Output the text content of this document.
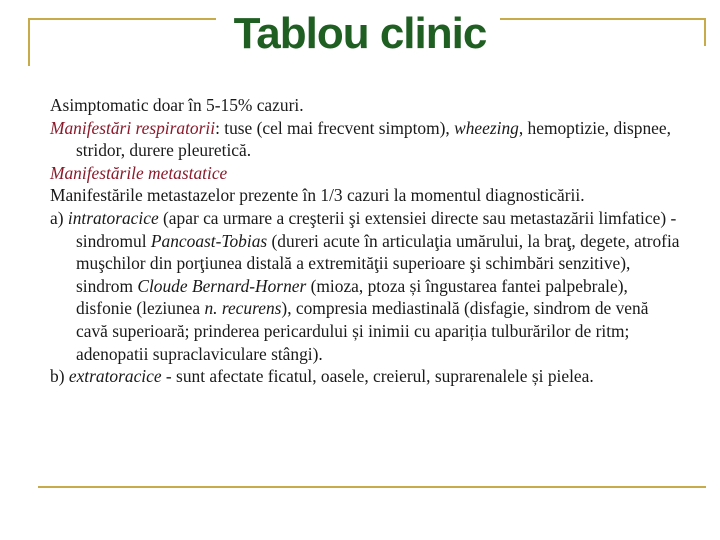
Tablou clinic

Asimptomatic doar în 5-15% cazuri.

Manifestări respiratorii: tuse (cel mai frecvent simptom), wheezing, hemoptizie, dispnee, stridor, durere pleuretică.

Manifestările metastatice

Manifestările metastazelor prezente în 1/3 cazuri la momentul diagnosticării.

a) intratoracice (apar ca urmare a creşterii şi extensiei directe sau metastazării limfatice) - sindromul Pancoast-Tobias (dureri acute în articulaţia umărului, la braţ, degete, atrofia muşchilor din porţiunea distală a extremităţii superioare şi schimbări senzitive), sindrom Cloude Bernard-Horner (mioza, ptoza și îngustarea fantei palpebrale), disfonie (leziunea n. recurens), compresia mediastinală (disfagie, sindrom de venă cavă superioară; prinderea pericardului și inimii cu apariția tulburărilor de ritm; adenopatii supraclaviculare stângi).

b) extratoracice - sunt afectate ficatul, oasele, creierul, suprarenalele și pielea.
